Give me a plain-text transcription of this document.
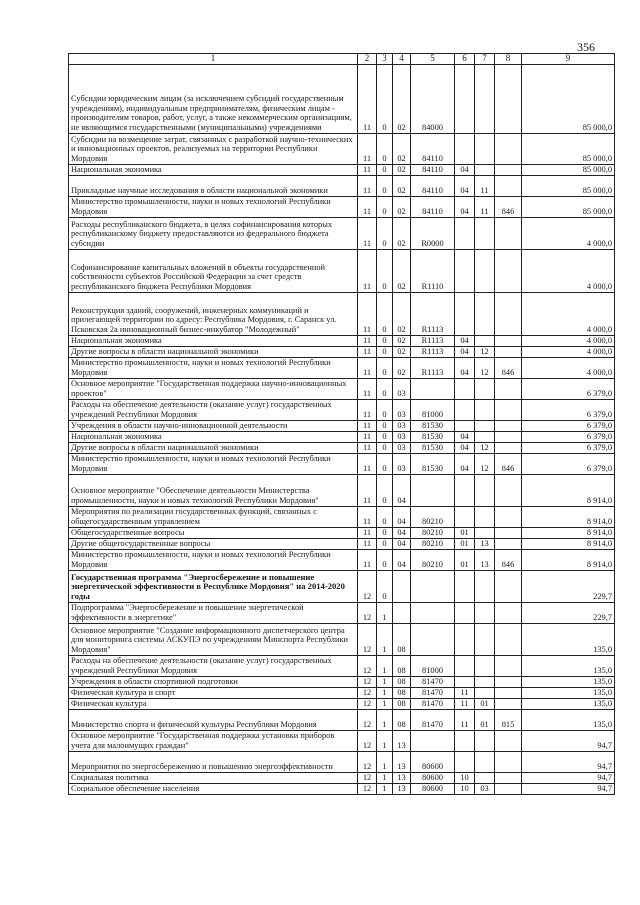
356
1	2	3	4	5	6	7	8	9
Субсидии юридическим лицам (за исключением субсидий государственным учреждениям), индивидуальным предпринимателям, физическим лицам - производителям товаров, работ, услуг, а также некоммерческим организациям, не являющимся государственными (муниципальными) учреждениями	11	0	02	84000				85 000,0
Субсидии на возмещение затрат, связанных с разработкой научно-технических и инновационных проектов, реализуемых на территории Республики Мордовия	11	0	02	84110				85 000,0
Национальная экономика	11	0	02	84110	04			85 000,0
Прикладные научные исследования в области национальной экономики	11	0	02	84110	04	11		85 000,0
Министерство промышленности, науки и новых технологий Республики Мордовия	11	0	02	84110	04	11	846	85 000,0
Расходы республиканского бюджета, в целях софинансирования которых республиканскому бюджету предоставляются из федерального бюджета субсидии	11	0	02	R0000				4 000,0
Софинансирование капитальных вложений в объекты государственной собственности субъектов Российской Федерации за счет средств республиканского бюджета Республики Мордовия	11	0	02	R1110				4 000,0
Реконструкция зданий, сооружений, инженерных коммуникаций и прилегающей территории по адресу: Республика Мордовия, г. Саранск ул. Псковская 2а инновационный бизнес-инкубатор "Молодежный"	11	0	02	R1113				4 000,0
Национальная экономика	11	0	02	R1113	04			4 000,0
Другие вопросы в области национальной экономики	11	0	02	R1113	04	12		4 000,0
Министерство промышленности, науки и новых технологий Республики Мордовия	11	0	02	R1113	04	12	846	4 000,0
Основное мероприятие "Государственная поддержка научно-инновационных проектов"	11	0	03					6 379,0
Расходы на обеспечение деятельности (оказание услуг) государственных учреждений Республики Мордовия	11	0	03	81000				6 379,0
Учреждения в области научно-инновационной деятельности	11	0	03	81530				6 379,0
Национальная экономика	11	0	03	81530	04			6 379,0
Другие вопросы в области национальной экономики	11	0	03	81530	04	12		6 379,0
Министерство промышленности, науки и новых технологий Республики Мордовия	11	0	03	81530	04	12	846	6 379,0
Основное мероприятие "Обеспечение деятельности Министерства промышленности, науки и новых технологий Республики Мордовия"	11	0	04					8 914,0
Мероприятия по реализации государственных функций, связанных с общегосударственным управлением	11	0	04	80210				8 914,0
Общегосударственные вопросы	11	0	04	80210	01			8 914,0
Другие общегосударственные вопросы	11	0	04	80210	01	13		8 914,0
Министерство промышленности, науки и новых технологий Республики Мордовия	11	0	04	80210	01	13	846	8 914,0
Государственная программа "Энергосбережение и повышение энергетической эффективности в Республике Мордовия" на 2014-2020 годы	12	0						229,7
Подпрограмма "Энергосбережение и повышение энергетической эффективности в энергетике"	12	1						229,7
Основное мероприятие "Создание информационного диспетчерского центра для мониторинга системы АСКУПЭ по учреждениям Минспорта Республики Мордовия"	12	1	08					135,0
Расходы на обеспечение деятельности (оказание услуг) государственных учреждений Республики Мордовия	12	1	08	81000				135,0
Учреждения в области спортивной подготовки	12	1	08	81470				135,0
Физическая культура и спорт	12	1	08	81470	11			135,0
Физическая культура	12	1	08	81470	11	01		135,0
Министерство спорта и физической культуры Республики Мордовия	12	1	08	81470	11	01	815	135,0
Основное мероприятие "Государственная поддержка установки приборов учета для малоимущих граждан"	12	1	13					94,7
Мероприятия по энергосбережению и повышению энергоэффективности	12	1	13	80600				94,7
Социальная политика	12	1	13	80600	10			94,7
Социальное обеспечение населения	12	1	13	80600	10	03		94,7
